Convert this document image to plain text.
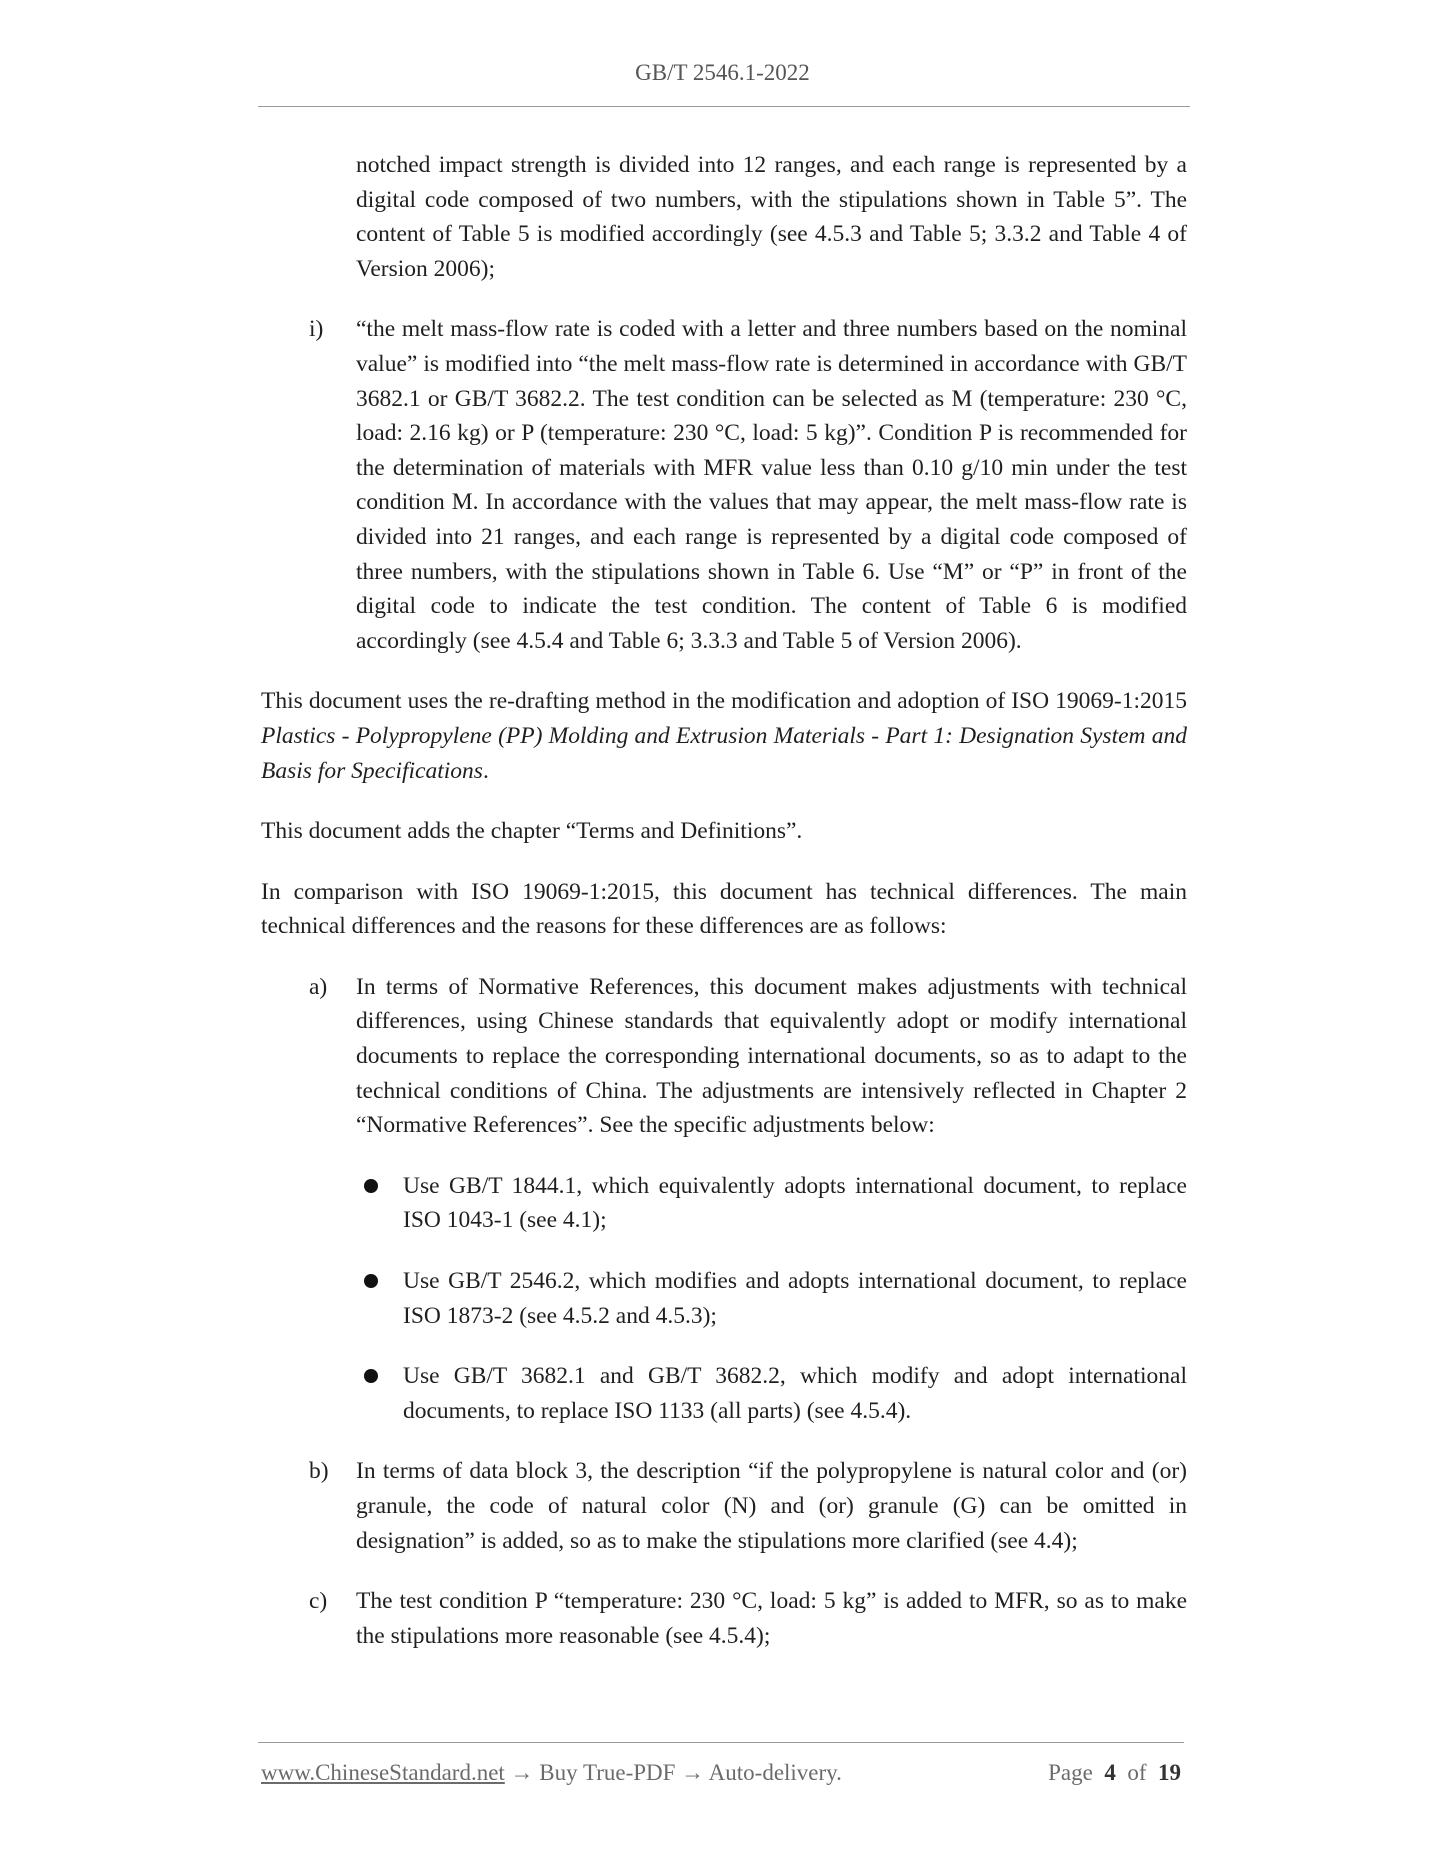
GB/T 2546.1-2022

notched impact strength is divided into 12 ranges, and each range is represented by a digital code composed of two numbers, with the stipulations shown in Table 5”. The content of Table 5 is modified accordingly (see 4.5.3 and Table 5; 3.3.2 and Table 4 of Version 2006);

i)	“the melt mass-flow rate is coded with a letter and three numbers based on the nominal value” is modified into “the melt mass-flow rate is determined in accordance with GB/T 3682.1 or GB/T 3682.2. The test condition can be selected as M (temperature: 230 °C, load: 2.16 kg) or P (temperature: 230 °C, load: 5 kg)”. Condition P is recommended for the determination of materials with MFR value less than 0.10 g/10 min under the test condition M. In accordance with the values that may appear, the melt mass-flow rate is divided into 21 ranges, and each range is represented by a digital code composed of three numbers, with the stipulations shown in Table 6. Use “M” or “P” in front of the digital code to indicate the test condition. The content of Table 6 is modified accordingly (see 4.5.4 and Table 6; 3.3.3 and Table 5 of Version 2006).

This document uses the re-drafting method in the modification and adoption of ISO 19069-1:2015 Plastics - Polypropylene (PP) Molding and Extrusion Materials - Part 1: Designation System and Basis for Specifications.

This document adds the chapter “Terms and Definitions”.

In comparison with ISO 19069-1:2015, this document has technical differences. The main technical differences and the reasons for these differences are as follows:

a)	In terms of Normative References, this document makes adjustments with technical differences, using Chinese standards that equivalently adopt or modify international documents to replace the corresponding international documents, so as to adapt to the technical conditions of China. The adjustments are intensively reflected in Chapter 2 “Normative References”. See the specific adjustments below:
Use GB/T 1844.1, which equivalently adopts international document, to replace ISO 1043-1 (see 4.1);
Use GB/T 2546.2, which modifies and adopts international document, to replace ISO 1873-2 (see 4.5.2 and 4.5.3);
Use GB/T 3682.1 and GB/T 3682.2, which modify and adopt international documents, to replace ISO 1133 (all parts) (see 4.5.4).
b)	In terms of data block 3, the description “if the polypropylene is natural color and (or) granule, the code of natural color (N) and (or) granule (G) can be omitted in designation” is added, so as to make the stipulations more clarified (see 4.4);
c)	The test condition P “temperature: 230 °C, load: 5 kg” is added to MFR, so as to make the stipulations more reasonable (see 4.5.4);
www.ChineseStandard.net → Buy True-PDF → Auto-delivery.	Page 4 of 19
